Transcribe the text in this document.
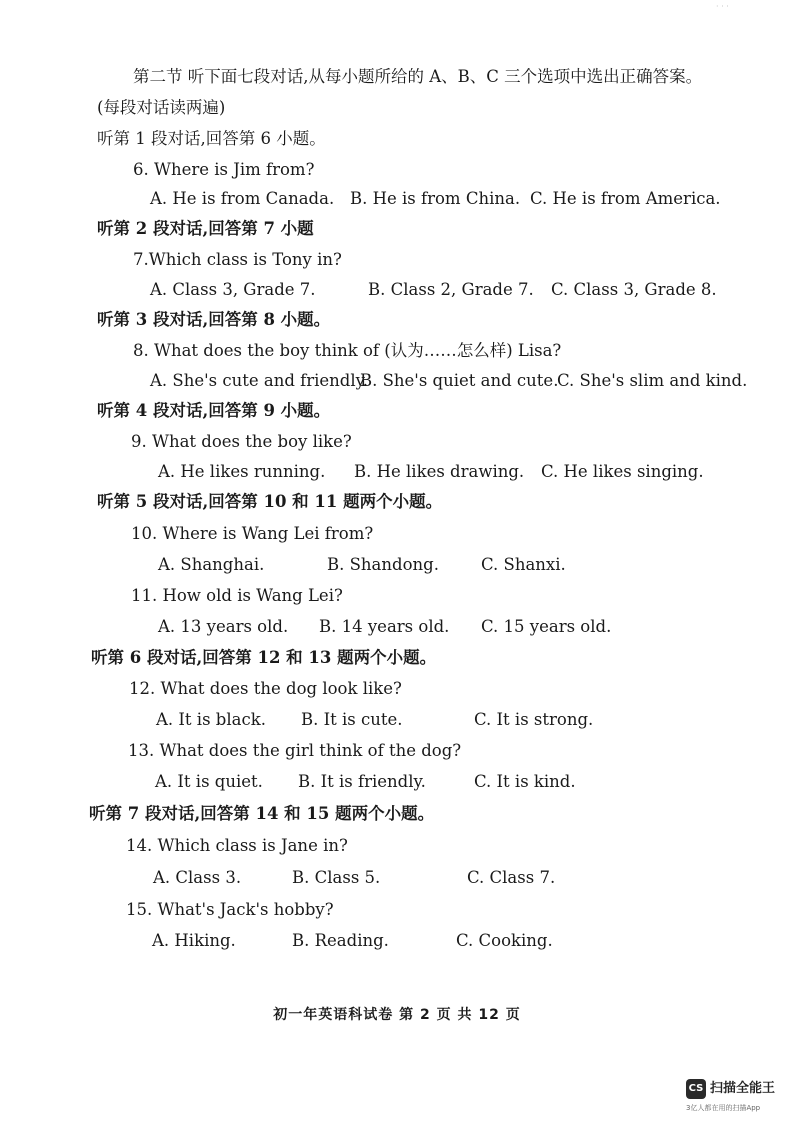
· · ·
第二节 听下面七段对话,从每小题所给的 A、B、C 三个选项中选出正确答案。
(每段对话读两遍)
听第 1 段对话,回答第 6 小题。
6. Where is Jim from?
A. He is from Canada. B. He is from China. C. He is from America.
听第 2 段对话,回答第 7 小题
7.Which class is Tony in?
A. Class 3, Grade 7.	B. Class 2, Grade 7. C. Class 3, Grade 8.
听第 3 段对话,回答第 8 小题。
8. What does the boy think of (认为……怎么样) Lisa?
A. She's cute and friendly.
B. She's quiet and cute.
C. She's slim and kind.
听第 4 段对话,回答第 9 小题。
9. What does the boy like?
A. He likes running. B. He likes drawing. C. He likes singing.
听第 5 段对话,回答第 10 和 11 题两个小题。
10. Where is Wang Lei from?
A. Shanghai.	B. Shandong.	C. Shanxi.
11. How old is Wang Lei?
A. 13 years old. B. 14 years old. C. 15 years old.
听第 6 段对话,回答第 12 和 13 题两个小题。
12. What does the dog look like?
A. It is black. B. It is cute.	C. It is strong.
13. What does the girl think of the dog?
A. It is quiet. B. It is friendly.	C. It is kind.
听第 7 段对话,回答第 14 和 15 题两个小题。
14. Which class is Jane in?
A. Class 3.	B. Class 5.	C. Class 7.
15. What's Jack's hobby?
A. Hiking.	B. Reading.	C. Cooking.
初一年英语科试卷 第 2 页 共 12 页
CS 扫描全能王
3亿人都在用的扫描App
